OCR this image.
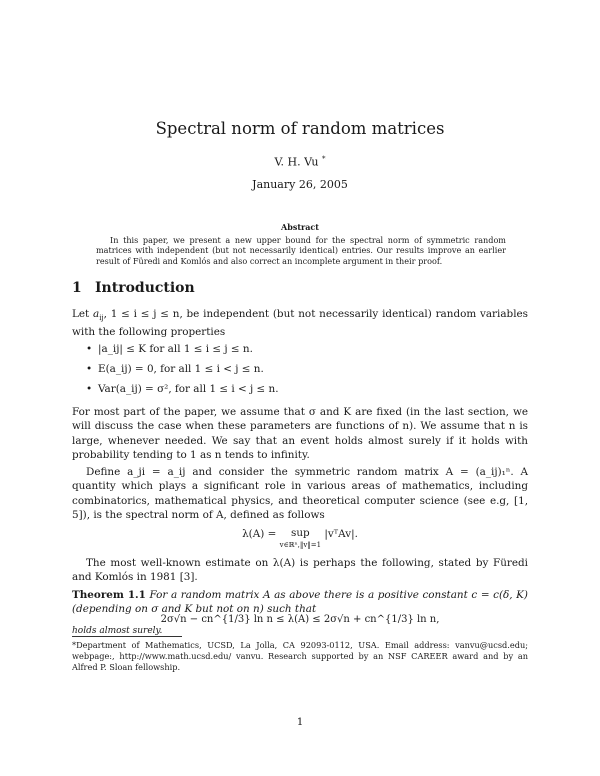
Spectral norm of random matrices
V. H. Vu *
January 26, 2005
Abstract
In this paper, we present a new upper bound for the spectral norm of symmetric random matrices with independent (but not necessarily identical) entries. Our results improve an earlier result of Füredi and Komlós and also correct an incomplete argument in their proof.
1 Introduction
Let $a_{ij}$, 1 ≤ i ≤ j ≤ n, be independent (but not necessarily identical) random variables with the following properties
• |a_ij| ≤ K for all 1 ≤ i ≤ j ≤ n.
• E(a_ij) = 0, for all 1 ≤ i < j ≤ n.
• Var(a_ij) = σ², for all 1 ≤ i < j ≤ n.
For most part of the paper, we assume that σ and K are fixed (in the last section, we will discuss the case when these parameters are functions of n). We assume that n is large, whenever needed. We say that an event holds almost surely if it holds with probability tending to 1 as n tends to infinity.
Define a_ji = a_ij and consider the symmetric random matrix A = (a_ij)₁ⁿ. A quantity which plays a significant role in various areas of mathematics, including combinatorics, mathematical physics, and theoretical computer science (see e.g, [1, 5]), is the spectral norm of A, defined as follows
λ(A) = sup
v∈ℝⁿ,‖v‖=1 |vᵀAv|.
The most well-known estimate on λ(A) is perhaps the following, stated by Füredi and Komlós in 1981 [3].
Theorem 1.1 For a random matrix A as above there is a positive constant c = c(δ, K) (depending on σ and K but not on n) such that
*Department of Mathematics, UCSD, La Jolla, CA 92093-0112, USA. Email address: vanvu@ucsd.edu; webpage:, http://www.math.ucsd.edu/ vanvu. Research supported by an NSF CAREER award and by an Alfred P. Sloan fellowship.
1
2σ√n − cn^{1/3} ln n ≤ λ(A) ≤ 2σ√n + cn^{1/3} ln n,
holds almost surely.
